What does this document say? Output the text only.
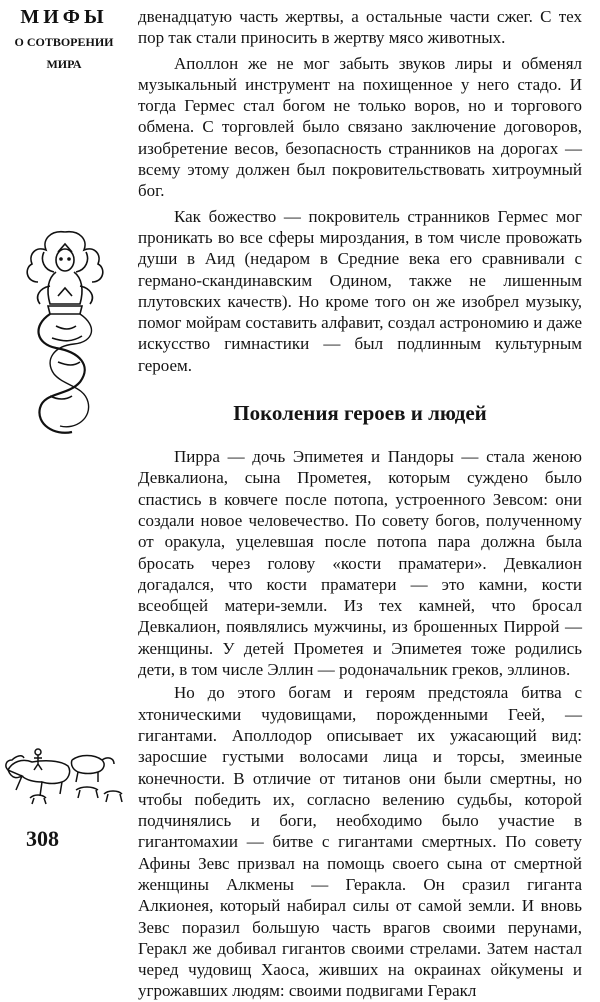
МИФЫ
О СОТВОРЕНИИ
МИРА
308

двенадцатую часть жертвы, а остальные части сжег. С тех пор так стали приносить в жертву мясо животных.

Аполлон же не мог забыть звуков лиры и обменял музыкальный инструмент на похищенное у него стадо. И тогда Гермес стал богом не только воров, но и торгового обмена. С торговлей было связано заключение договоров, изобретение весов, безопасность странников на дорогах — всему этому должен был покровительствовать хитроумный бог.

Как божество — покровитель странников Гермес мог проникать во все сферы мироздания, в том числе провожать души в Аид (недаром в Средние века его сравнивали с германо-скандинавским Одином, также не лишенным плутовских качеств). Но кроме того он же изобрел музыку, помог мойрам составить алфавит, создал астрономию и даже искусство гимнастики — был подлинным культурным героем.

Поколения героев и людей

Пирра — дочь Эпиметея и Пандоры — стала женою Девкалиона, сына Прометея, которым суждено было спастись в ковчеге после потопа, устроенного Зевсом: они создали новое человечество. По совету богов, полученному от оракула, уцелевшая после потопа пара должна была бросать через голову «кости праматери». Девкалион догадался, что кости праматери — это камни, кости всеобщей матери-земли. Из тех камней, что бросал Девкалион, появлялись мужчины, из брошенных Пиррой — женщины. У детей Прометея и Эпиметея тоже родились дети, в том числе Эллин — родоначальник греков, эллинов.

Но до этого богам и героям предстояла битва с хтоническими чудовищами, порожденными Геей, — гигантами. Аполлодор описывает их ужасающий вид: заросшие густыми волосами лица и торсы, змеиные конечности. В отличие от титанов они были смертны, но чтобы победить их, согласно велению судьбы, которой подчинялись и боги, необходимо было участие в гигантомахии — битве с гигантами смертных. По совету Афины Зевс призвал на помощь своего сына от смертной женщины Алкмены — Геракла. Он сразил гиганта Алкионея, который набирал силы от самой земли. И вновь Зевс поразил большую часть врагов своими перунами, Геракл же добивал гигантов своими стрелами. Затем настал черед чудовищ Хаоса, живших на окраинах ойкумены и угрожавших людям: своими подвигами Геракл
